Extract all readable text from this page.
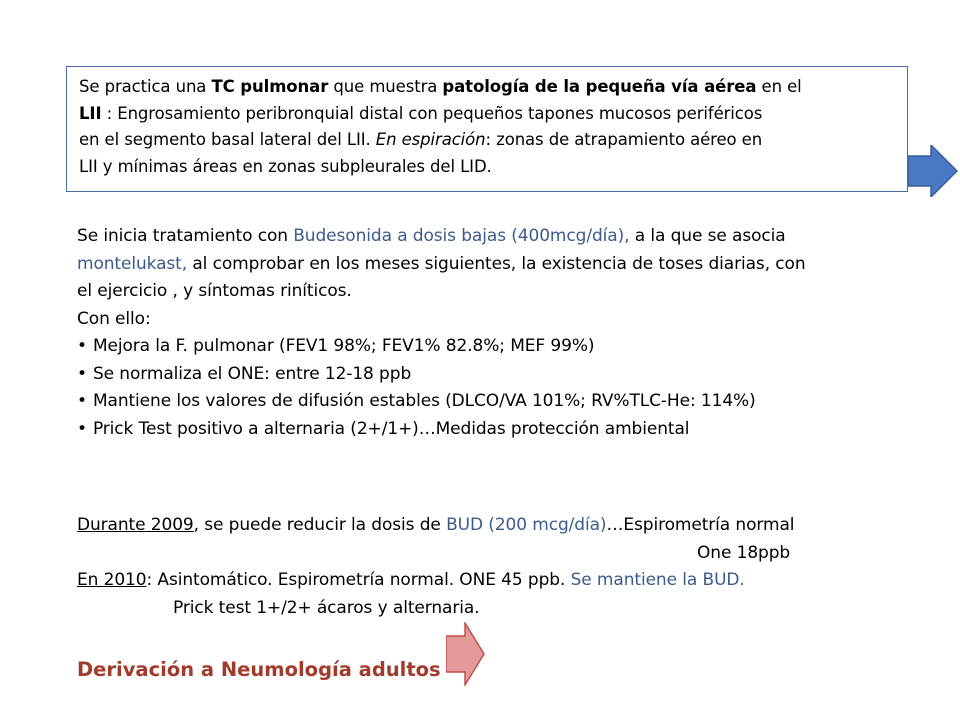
Se practica una TC pulmonar que muestra patología de la pequeña vía aérea en el
LII : Engrosamiento peribronquial distal con pequeños tapones mucosos periféricos
en el segmento basal lateral del LII. En espiración: zonas de atrapamiento aéreo en
LII y mínimas áreas en zonas subpleurales del LID.
Se inicia tratamiento con Budesonida a dosis bajas (400mcg/día), a la que se asocia
montelukast, al comprobar en los meses siguientes, la existencia de toses diarias, con
el ejercicio , y síntomas riníticos.
Con ello:
• Mejora la F. pulmonar (FEV1 98%; FEV1% 82.8%; MEF 99%)
• Se normaliza el ONE: entre 12-18 ppb
• Mantiene los valores de difusión estables (DLCO/VA 101%; RV%TLC-He: 114%)
• Prick Test positivo a alternaria (2+/1+)…Medidas protección ambiental
Durante 2009, se puede reducir la dosis de BUD (200 mcg/día)…Espirometría normal
One 18ppb
En 2010: Asintomático. Espirometría normal. ONE 45 ppb. Se mantiene la BUD.
Prick test 1+/2+ ácaros y alternaria.
Derivación a Neumología adultos
